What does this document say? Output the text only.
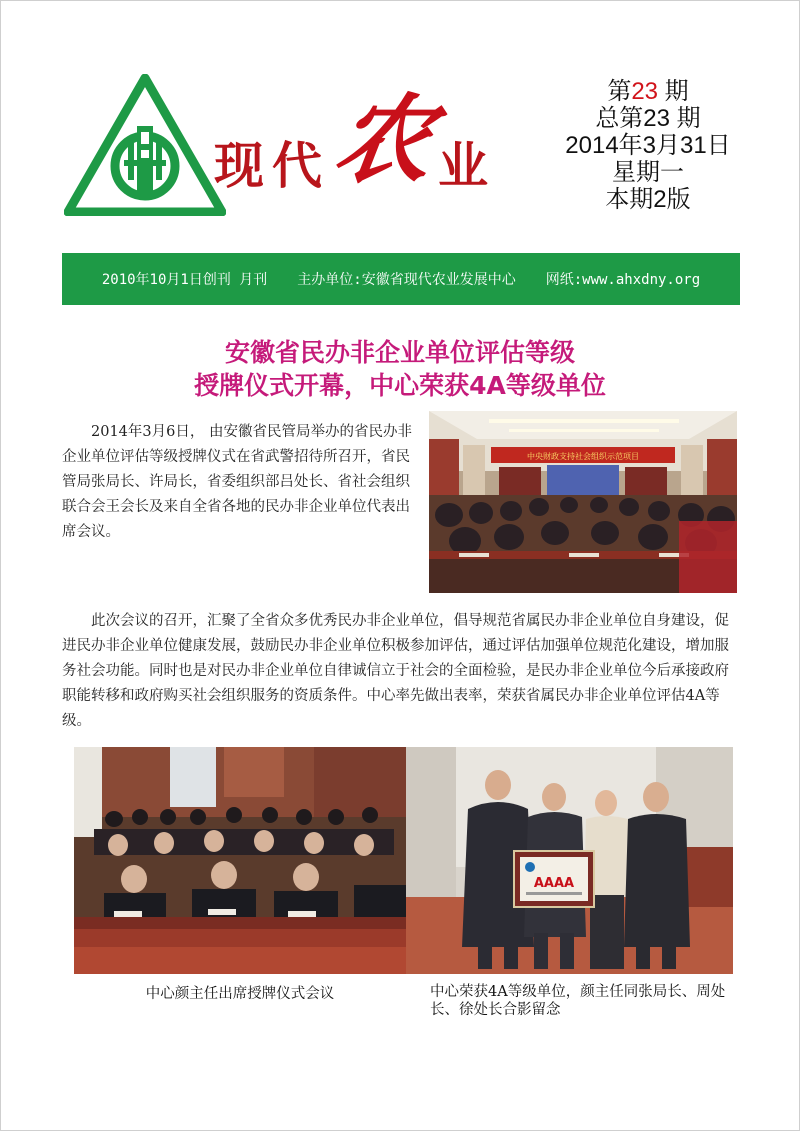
现 代 农
业
第23 期
总第23 期
2014年3月31日
星期一
本期2版
2010年10月1日创刊 月刊 主办单位:安徽省现代农业发展中心 网纸:www.ahxdny.org
安徽省民办非企业单位评估等级
授牌仪式开幕，中心荣获4A等级单位

2014年3月6日， 由安徽省民管局举办的省民办非企业单位评估等级授牌仪式在省武警招待所召开，省民管局张局长、许局长，省委组织部吕处长、省社会组织联合会王会长及来自全省各地的民办非企业单位代表出席会议。

中央财政支持社会组织示范项目

此次会议的召开，汇聚了全省众多优秀民办非企业单位，倡导规范省属民办非企业单位自身建设，促进民办非企业单位健康发展，鼓励民办非企业单位积极参加评估，通过评估加强单位规范化建设，增加服务社会功能。同时也是对民办非企业单位自律诚信立于社会的全面检验，是民办非企业单位今后承接政府职能转移和政府购买社会组织服务的资质条件。中心率先做出表率，荣获省属民办非企业单位评估4A等级。

AAAA
中心颜主任出席授牌仪式会议	中心荣获4A等级单位，颜主任同张局长、周处长、徐处长合影留念
